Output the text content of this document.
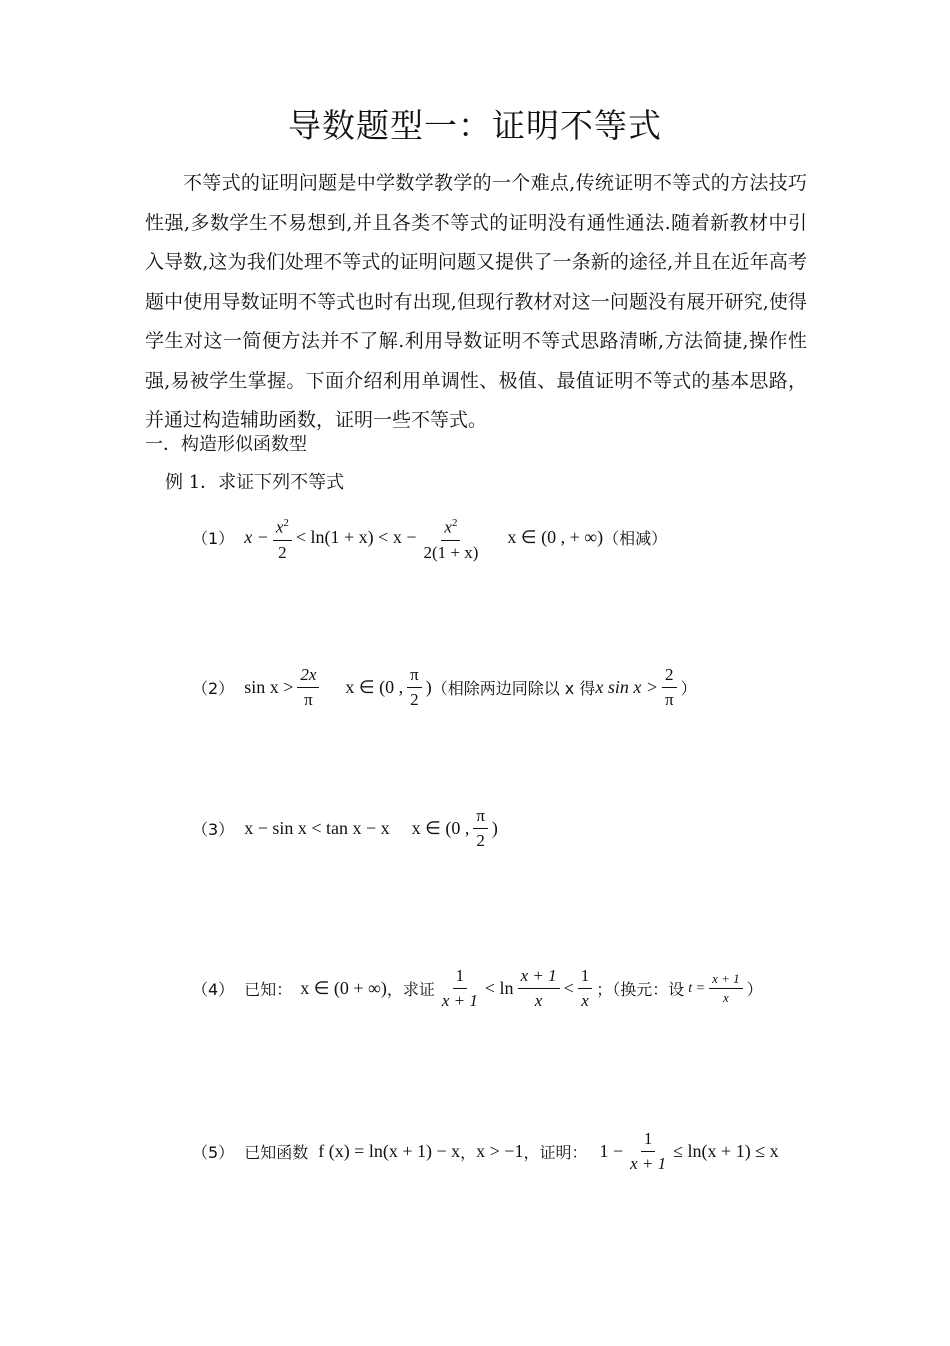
导数题型一：证明不等式
不等式的证明问题是中学数学教学的一个难点,传统证明不等式的方法技巧性强,多数学生不易想到,并且各类不等式的证明没有通性通法.随着新教材中引入导数,这为我们处理不等式的证明问题又提供了一条新的途径,并且在近年高考题中使用导数证明不等式也时有出现,但现行教材对这一问题没有展开研究,使得学生对这一简便方法并不了解.利用导数证明不等式思路清晰,方法简捷,操作性强,易被学生掌握。下面介绍利用单调性、极值、最值证明不等式的基本思路，并通过构造辅助函数，证明一些不等式。
一．构造形似函数型
例 1．求证下列不等式
（1） $x - \frac{x^2}{2} < \ln(1 + x) < x - \frac{x^2}{2(1 + x)}$ x ∈ (0 , + ∞) （相减）
（2） $\sin x > \frac{2x}{\pi}$ x ∈ (0 , $\frac{\pi}{2}$ ) （相除两边同除以 x 得 x $\sin x > \frac{2}{\pi}$ ）
（3） x − sin x < tan x − x x ∈ (0 , $\frac{\pi}{2}$ )
（4） 已知： x ∈ (0 + ∞) ，求证 $\frac{1}{x + 1} < \ln \frac{x + 1}{x} < \frac{1}{x}$ ；（换元：设 $t = \frac{x + 1}{x}$ ）
（5） 已知函数 f (x) = ln(x + 1) − x ， x > −1 ，证明： $1 - \frac{1}{x + 1} \le \ln(x + 1) \le x$
